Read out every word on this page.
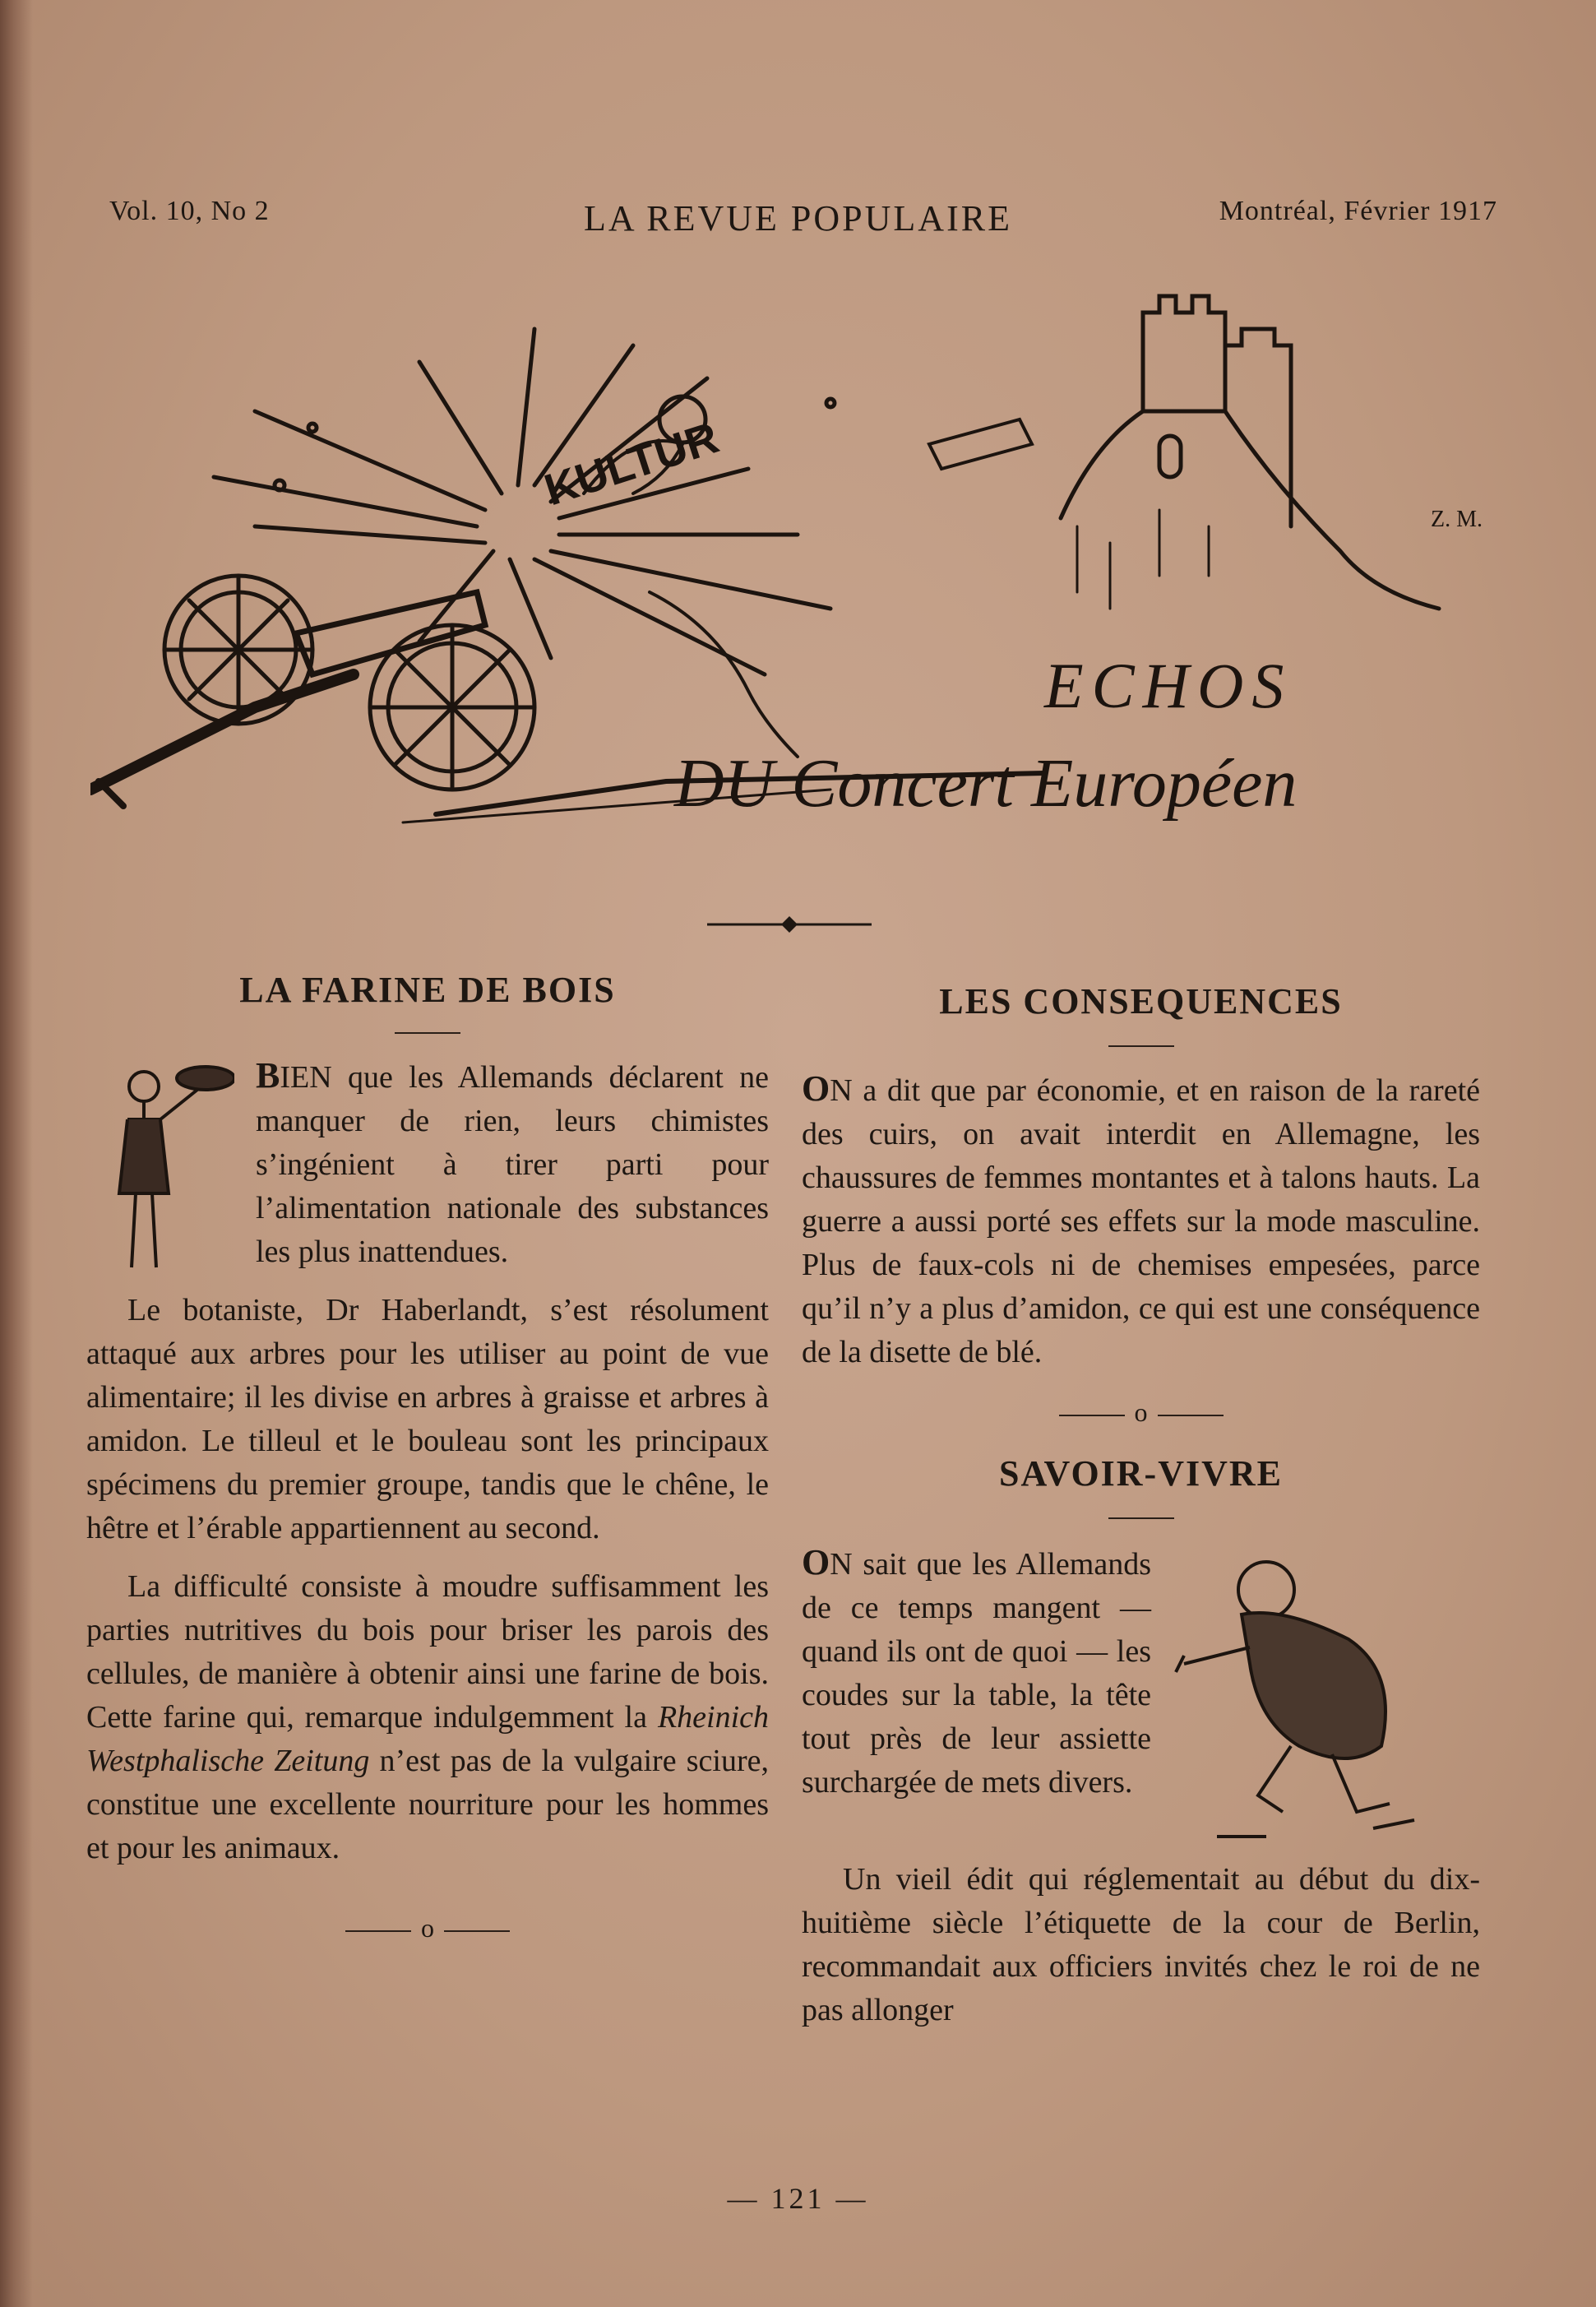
Vol. 10, No 2	LA REVUE POPULAIRE	Montréal, Février 1917
KULTUR
Z. M.
ECHOS
DU Concert Européen
LA FARINE DE BOIS

BIEN que les Allemands déclarent ne manquer de rien, leurs chimistes s’ingénient à tirer parti pour l’alimentation nationale des substances les plus inattendues.

Le botaniste, Dr Haberlandt, s’est résolument attaqué aux arbres pour les utiliser au point de vue alimentaire; il les divise en arbres à graisse et arbres à amidon. Le tilleul et le bouleau sont les principaux spécimens du premier groupe, tandis que le chêne, le hêtre et l’érable appartiennent au second.

La difficulté consiste à moudre suffisamment les parties nutritives du bois pour briser les parois des cellules, de manière à obtenir ainsi une farine de bois. Cette farine qui, remarque indulgemment la Rheinich Westphalische Zeitung n’est pas de la vulgaire sciure, constitue une excellente nourriture pour les hommes et pour les animaux.

o
LES CONSEQUENCES

ON a dit que par économie, et en raison de la rareté des cuirs, on avait interdit en Allemagne, les chaussures de femmes montantes et à talons hauts. La guerre a aussi porté ses effets sur la mode masculine. Plus de faux-cols ni de chemises empesées, parce qu’il n’y a plus d’amidon, ce qui est une conséquence de la disette de blé.

o
SAVOIR-VIVRE

ON sait que les Allemands de ce temps mangent —quand ils ont de quoi — les coudes sur la table, la tête tout près de leur assiette surchargée de mets divers.

Un vieil édit qui réglementait au début du dix-huitième siècle l’étiquette de la cour de Berlin, recommandait aux officiers invités chez le roi de ne pas allonger

— 121 —
